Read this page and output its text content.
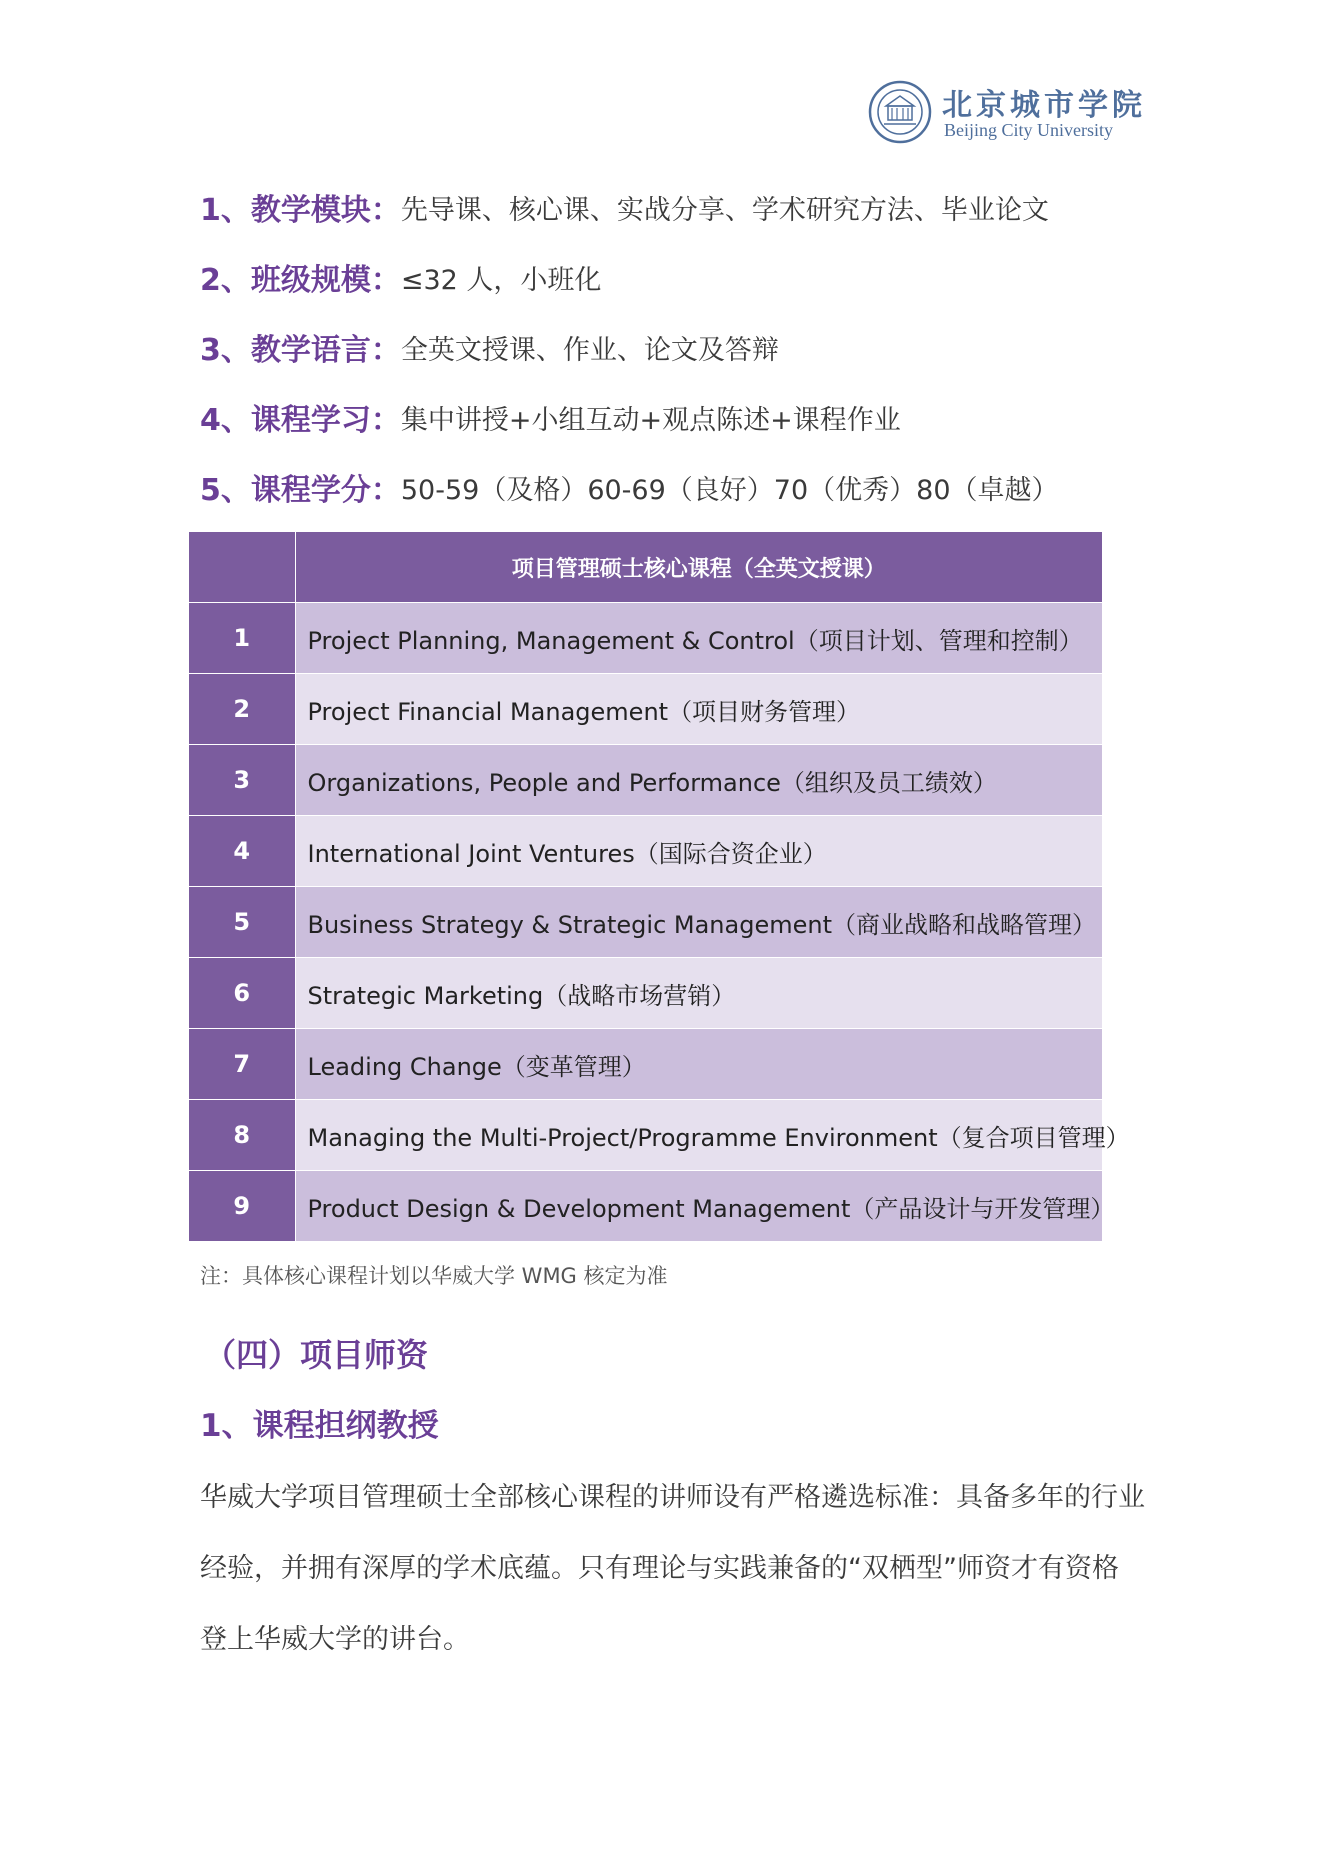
北京城市学院
Beijing City University
1、教学模块： 先导课、核心课、实战分享、学术研究方法、毕业论文
2、班级规模： ≤32 人，小班化
3、教学语言： 全英文授课、作业、论文及答辩
4、课程学习： 集中讲授+小组互动+观点陈述+课程作业
5、课程学分： 50-59（及格）60-69（良好）70（优秀）80（卓越）
	项目管理硕士核心课程（全英文授课）
1	Project Planning, Management & Control（项目计划、管理和控制）
2	Project Financial Management（项目财务管理）
3	Organizations, People and Performance（组织及员工绩效）
4	International Joint Ventures（国际合资企业）
5	Business Strategy & Strategic Management（商业战略和战略管理）
6	Strategic Marketing（战略市场营销）
7	Leading Change（变革管理）
8	Managing the Multi-Project/Programme Environment（复合项目管理）
9	Product Design & Development Management（产品设计与开发管理）
注：具体核心课程计划以华威大学 WMG 核定为准
（四）项目师资
1、课程担纲教授
华威大学项目管理硕士全部核心课程的讲师设有严格遴选标准：具备多年的行业
经验，并拥有深厚的学术底蕴。只有理论与实践兼备的“双栖型”师资才有资格
登上华威大学的讲台。
